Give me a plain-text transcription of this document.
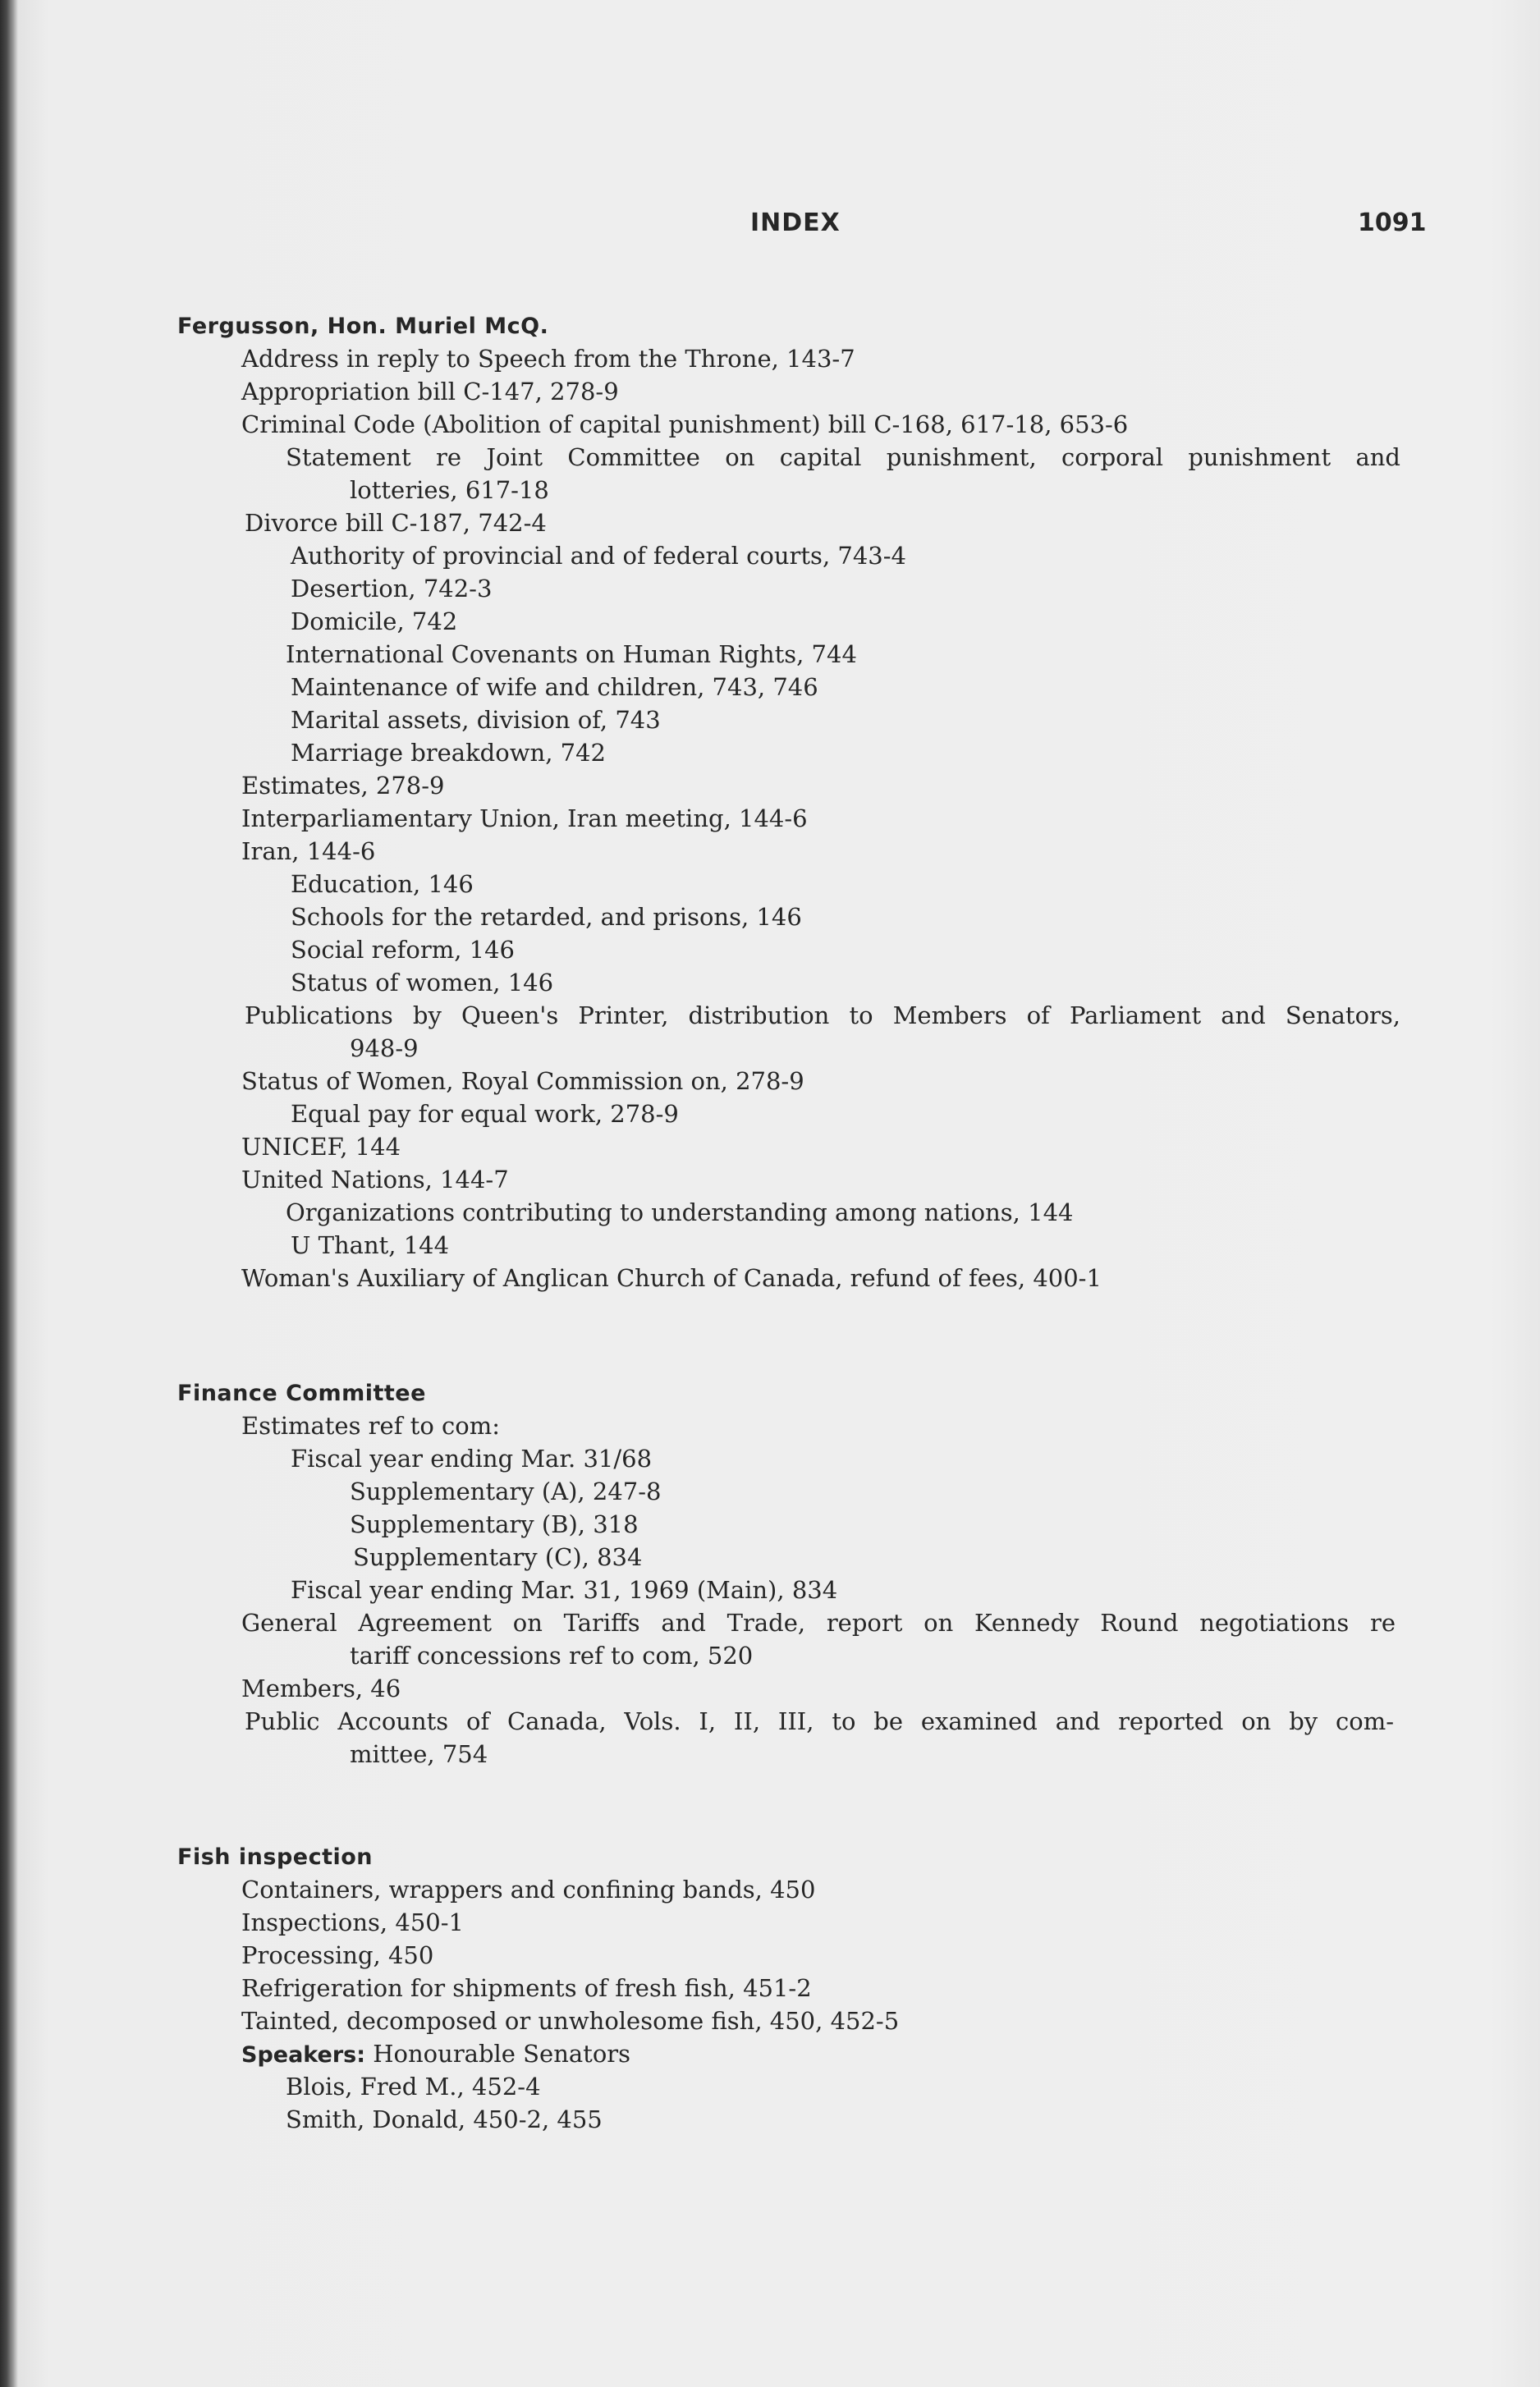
INDEX	1091
Fergusson, Hon. Muriel McQ.
Address in reply to Speech from the Throne, 143-7
Appropriation bill C-147, 278-9
Criminal Code (Abolition of capital punishment) bill C-168, 617-18, 653-6
Statement re Joint Committee on capital punishment, corporal punishment and
lotteries, 617-18
Divorce bill C-187, 742-4
Authority of provincial and of federal courts, 743-4
Desertion, 742-3
Domicile, 742
International Covenants on Human Rights, 744
Maintenance of wife and children, 743, 746
Marital assets, division of, 743
Marriage breakdown, 742
Estimates, 278-9
Interparliamentary Union, Iran meeting, 144-6
Iran, 144-6
Education, 146
Schools for the retarded, and prisons, 146
Social reform, 146
Status of women, 146
Publications by Queen's Printer, distribution to Members of Parliament and Senators,
948-9
Status of Women, Royal Commission on, 278-9
Equal pay for equal work, 278-9
UNICEF, 144
United Nations, 144-7
Organizations contributing to understanding among nations, 144
U Thant, 144
Woman's Auxiliary of Anglican Church of Canada, refund of fees, 400-1
Finance Committee
Estimates ref to com:
Fiscal year ending Mar. 31/68
Supplementary (A), 247-8
Supplementary (B), 318
Supplementary (C), 834
Fiscal year ending Mar. 31, 1969 (Main), 834
General Agreement on Tariffs and Trade, report on Kennedy Round negotiations re
tariff concessions ref to com, 520
Members, 46
Public Accounts of Canada, Vols. I, II, III, to be examined and reported on by com-
mittee, 754
Fish inspection
Containers, wrappers and confining bands, 450
Inspections, 450-1
Processing, 450
Refrigeration for shipments of fresh fish, 451-2
Tainted, decomposed or unwholesome fish, 450, 452-5
Speakers: Honourable Senators
Blois, Fred M., 452-4
Smith, Donald, 450-2, 455
